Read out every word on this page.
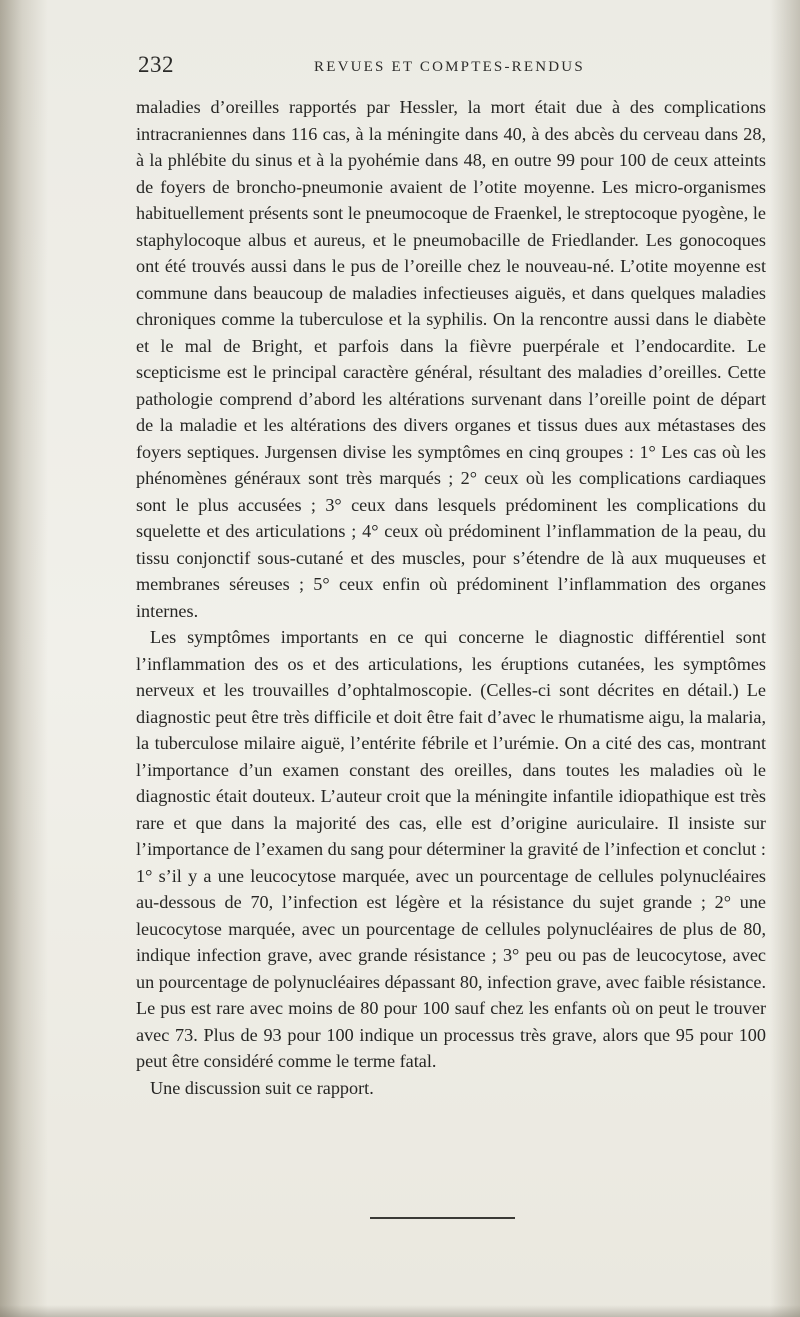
232	REVUES ET COMPTES-RENDUS

maladies d’oreilles rapportés par Hessler, la mort était due à des complications intracraniennes dans 116 cas, à la méningite dans 40, à des abcès du cerveau dans 28, à la phlébite du sinus et à la pyohémie dans 48, en outre 99 pour 100 de ceux atteints de foyers de broncho-pneumonie avaient de l’otite moyenne. Les micro-organismes habituellement présents sont le pneumocoque de Fraenkel, le streptocoque pyogène, le staphylocoque albus et aureus, et le pneumobacille de Friedlander. Les gonocoques ont été trouvés aussi dans le pus de l’oreille chez le nouveau-né. L’otite moyenne est commune dans beaucoup de maladies infectieuses aiguës, et dans quelques maladies chroniques comme la tuberculose et la syphilis. On la rencontre aussi dans le diabète et le mal de Bright, et parfois dans la fièvre puerpérale et l’endocardite. Le scepticisme est le principal caractère général, résultant des maladies d’oreilles. Cette pathologie comprend d’abord les altérations survenant dans l’oreille point de départ de la maladie et les altérations des divers organes et tissus dues aux métastases des foyers septiques. Jurgensen divise les symptômes en cinq groupes : 1° Les cas où les phénomènes généraux sont très marqués ; 2° ceux où les complications cardiaques sont le plus accusées ; 3° ceux dans lesquels prédominent les complications du squelette et des articulations ; 4° ceux où prédominent l’inflammation de la peau, du tissu conjonctif sous-cutané et des muscles, pour s’étendre de là aux muqueuses et membranes séreuses ; 5° ceux enfin où prédominent l’inflammation des organes internes.

Les symptômes importants en ce qui concerne le diagnostic différentiel sont l’inflammation des os et des articulations, les éruptions cutanées, les symptômes nerveux et les trouvailles d’ophtalmoscopie. (Celles-ci sont décrites en détail.) Le diagnostic peut être très difficile et doit être fait d’avec le rhumatisme aigu, la malaria, la tuberculose milaire aiguë, l’entérite fébrile et l’urémie. On a cité des cas, montrant l’importance d’un examen constant des oreilles, dans toutes les maladies où le diagnostic était douteux. L’auteur croit que la méningite infantile idiopathique est très rare et que dans la majorité des cas, elle est d’origine auriculaire. Il insiste sur l’importance de l’examen du sang pour déterminer la gravité de l’infection et conclut : 1° s’il y a une leucocytose marquée, avec un pourcentage de cellules polynucléaires au-dessous de 70, l’infection est légère et la résistance du sujet grande ; 2° une leucocytose marquée, avec un pourcentage de cellules polynucléaires de plus de 80, indique infection grave, avec grande résistance ; 3° peu ou pas de leucocytose, avec un pourcentage de polynucléaires dépassant 80, infection grave, avec faible résistance. Le pus est rare avec moins de 80 pour 100 sauf chez les enfants où on peut le trouver avec 73. Plus de 93 pour 100 indique un processus très grave, alors que 95 pour 100 peut être considéré comme le terme fatal.

Une discussion suit ce rapport.
